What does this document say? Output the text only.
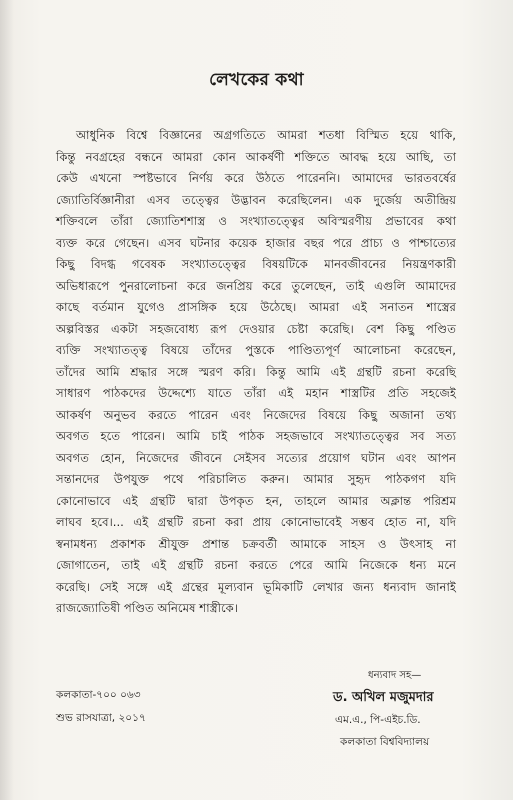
লেখকের কথা

আধুনিক বিশ্বে বিজ্ঞানের অগ্রগতিতে আমরা শতধা বিস্মিত হয়ে থাকি,

কিন্তু নবগ্রহের বন্ধনে আমরা কোন আকর্ষণী শক্তিতে আবদ্ধ হয়ে আছি, তা

কেউ এখনো স্পষ্টভাবে নির্ণয় করে উঠতে পারেননি। আমাদের ভারতবর্ষের

জ্যোতির্বিজ্ঞানীরা এসব তত্ত্বের উদ্ভাবন করেছিলেন। এক দুর্জেয় অতীন্দ্রিয়

শক্তিবলে তাঁরা জ্যোতিশশাস্ত্র ও সংখ্যাতত্ত্বের অবিস্মরণীয় প্রভাবের কথা

ব্যক্ত করে গেছেন। এসব ঘটনার কয়েক হাজার বছর পরে প্রাচ্য ও পাশ্চাত্যের

কিছু বিদগ্ধ গবেষক সংখ্যাতত্ত্বের বিষয়টিকে মানবজীবনের নিয়ন্ত্রণকারী

অভিধারূপে পুনরালোচনা করে জনপ্রিয় করে তুলেছেন, তাই এগুলি আমাদের

কাছে বর্তমান যুগেও প্রাসঙ্গিক হয়ে উঠেছে। আমরা এই সনাতন শাস্ত্রের

অল্পবিস্তর একটা সহজবোধ্য রূপ দেওয়ার চেষ্টা করেছি। বেশ কিছু পণ্ডিত

ব্যক্তি সংখ্যাতত্ত্ব বিষয়ে তাঁদের পুস্তকে পাণ্ডিত্যপূর্ণ আলোচনা করেছেন,

তাঁদের আমি শ্রদ্ধার সঙ্গে স্মরণ করি। কিন্তু আমি এই গ্রন্থটি রচনা করেছি

সাধারণ পাঠকদের উদ্দেশ্যে যাতে তাঁরা এই মহান শাস্ত্রটির প্রতি সহজেই

আকর্ষণ অনুভব করতে পারেন এবং নিজেদের বিষয়ে কিছু অজানা তথ্য

অবগত হতে পারেন। আমি চাই পাঠক সহজভাবে সংখ্যাতত্ত্বের সব সত্য

অবগত হোন, নিজেদের জীবনে সেইসব সত্যের প্রয়োগ ঘটান এবং আপন

সন্তানদের উপযুক্ত পথে পরিচালিত করুন। আমার সুহৃদ পাঠকগণ যদি

কোনোভাবে এই গ্রন্থটি দ্বারা উপকৃত হন, তাহলে আমার অক্লান্ত পরিশ্রম

লাঘব হবে।... এই গ্রন্থটি রচনা করা প্রায় কোনোভাবেই সম্ভব হোত না, যদি

স্বনামধন্য প্রকাশক শ্রীযুক্ত প্রশান্ত চক্রবর্তী আমাকে সাহস ও উৎসাহ না

জোগাতেন, তাই এই গ্রন্থটি রচনা করতে পেরে আমি নিজেকে ধন্য মনে

করেছি। সেই সঙ্গে এই গ্রন্থের মূল্যবান ভূমিকাটি লেখার জন্য ধন্যবাদ জানাই

রাজজ্যোতিষী পণ্ডিত অনিমেষ শাস্ত্রীকে।

ধন্যবাদ সহ—
ড. অখিল মজুমদার
এম.এ., পি-এইচ.ডি.
কলকাতা বিশ্ববিদ্যালয়
কলকাতা-৭০০ ০৬৩
শুভ রাসযাত্রা, ২০১৭
